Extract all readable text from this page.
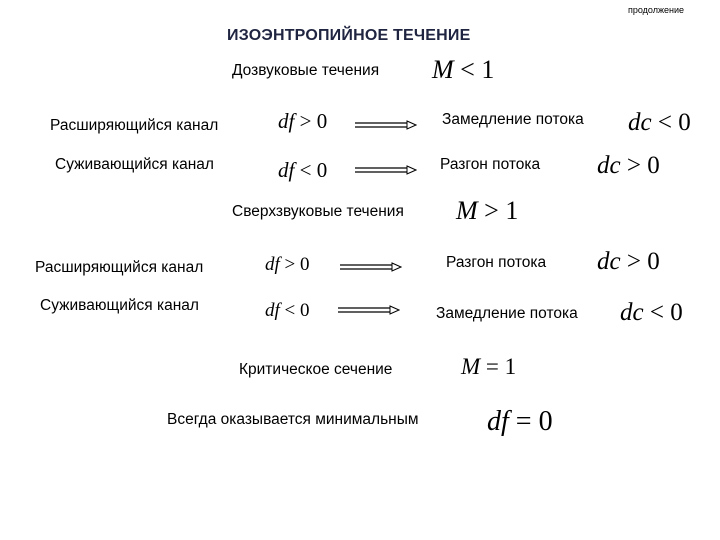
продолжение
ИЗОЭНТРОПИЙНОЕ ТЕЧЕНИЕ
Дозвуковые течения M < 1
Расширяющийся канал	df > 0	Замедление потока dc < 0
Суживающийся канал	df < 0	Разгон потока dc > 0
Сверхзвуковые течения M > 1
Расширяющийся канал	df > 0	Разгон потока dc > 0
Суживающийся канал	df < 0	Замедление потока dc < 0
Критическое сечение	M = 1
Всегда оказывается минимальным df = 0
